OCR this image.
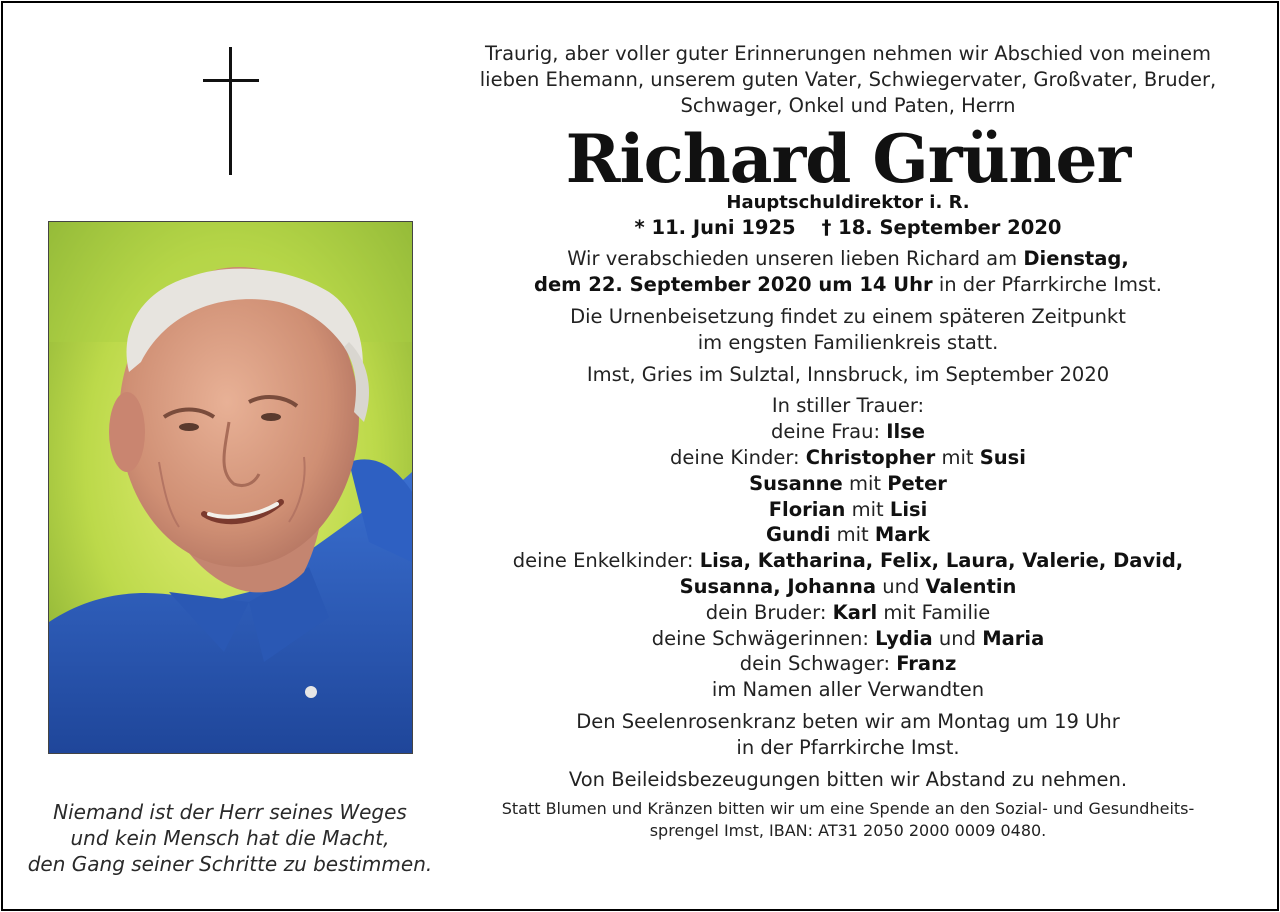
Niemand ist der Herr seines Weges
und kein Mensch hat die Macht,
den Gang seiner Schritte zu bestimmen.
Traurig, aber voller guter Erinnerungen nehmen wir Abschied von meinem
lieben Ehemann, unserem guten Vater, Schwiegervater, Großvater, Bruder,
Schwager, Onkel und Paten, Herrn
Richard Grüner
Hauptschuldirektor i. R.
* 11. Juni 1925 † 18. September 2020
Wir verabschieden unseren lieben Richard am Dienstag,
dem 22. September 2020 um 14 Uhr in der Pfarrkirche Imst.
Die Urnenbeisetzung findet zu einem späteren Zeitpunkt
im engsten Familienkreis statt.
Imst, Gries im Sulztal, Innsbruck, im September 2020
In stiller Trauer:
deine Frau: Ilse
deine Kinder: Christopher mit Susi
Susanne mit Peter
Florian mit Lisi
Gundi mit Mark
deine Enkelkinder: Lisa, Katharina, Felix, Laura, Valerie, David,
Susanna, Johanna und Valentin
dein Bruder: Karl mit Familie
deine Schwägerinnen: Lydia und Maria
dein Schwager: Franz
im Namen aller Verwandten
Den Seelenrosenkranz beten wir am Montag um 19 Uhr
in der Pfarrkirche Imst.
Von Beileidsbezeugungen bitten wir Abstand zu nehmen.
Statt Blumen und Kränzen bitten wir um eine Spende an den Sozial- und Gesundheits-
sprengel Imst, IBAN: AT31 2050 2000 0009 0480.
